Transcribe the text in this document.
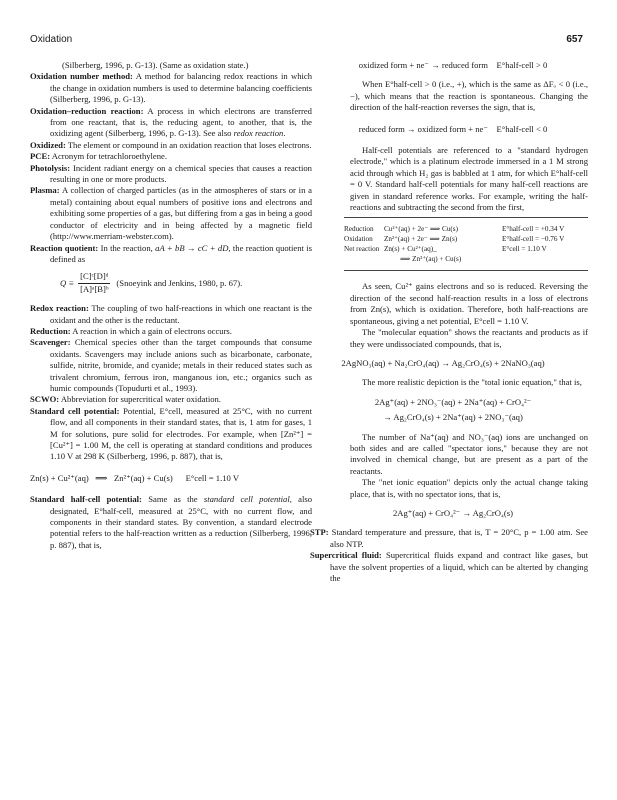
Oxidation	657

(Silberberg, 1996, p. G-13). (Same as oxidation state.)

Oxidation number method: A method for balancing redox reactions in which the change in oxidation numbers is used to determine balancing coefficients (Silberberg, 1996, p. G-13).

Oxidation–reduction reaction: A process in which electrons are transferred from one reactant, that is, the reducing agent, to another, that is, the oxidizing agent (Silberberg, 1996, p. G-13). See also redox reaction.

Oxidized: The element or compound in an oxidation reaction that loses electrons.

PCE: Acronym for tetrachloroethylene.

Photolysis: Incident radiant energy on a chemical species that causes a reaction resulting in one or more products.

Plasma: A collection of charged particles (as in the atmospheres of stars or in a metal) containing about equal numbers of positive ions and electrons and exhibiting some properties of a gas, but differing from a gas in being a good conductor of electricity and in being affected by a magnetic field (http://www.merriam-webster.com).

Reaction quotient: In the reaction, aA + bB → cC + dD, the reaction quotient is defined as

$Q \equiv \frac{\text{[C]ᶜ[D]ᵈ}}{\text{[A]ᵃ[B]ᵇ}}$ (Snoeyink and Jenkins, 1980, p. 67).

Redox reaction: The coupling of two half-reactions in which one reactant is the oxidant and the other is the reductant.

Reduction: A reaction in which a gain of electrons occurs.

Scavenger: Chemical species other than the target compounds that consume oxidants. Scavengers may include anions such as bicarbonate, carbonate, sulfide, nitrite, bromide, and cyanide; metals in their reduced states such as trivalent chromium, ferrous iron, manganous ion, etc.; organics such as humic compounds (Topudurti et al., 1993).

SCWO: Abbreviation for supercritical water oxidation.

Standard cell potential: Potential, E°cell, measured at 25°C, with no current flow, and all components in their standard states, that is, 1 atm for gases, 1 M for solutions, pure solid for electrodes. For example, when [Zn²⁺] = [Cu²⁺] = 1.00 M, the cell is operating at standard conditions and produces 1.10 V at 298 K (Silberberg, 1996, p. 887), that is,

Zn(s) + Cu²⁺(aq)   ⟹   Zn²⁺(aq) + Cu(s)      E°cell = 1.10 V

Standard half-cell potential: Same as the standard cell potential, also designated, E°half-cell, measured at 25°C, with no current flow, and components in their standard states. By convention, a standard electrode potential refers to the half-reaction written as a reduction (Silberberg, 1996, p. 887), that is,

oxidized form + ne⁻ → reduced form    E°half-cell > 0

When E°half-cell > 0 (i.e., +), which is the same as ΔFₒ < 0 (i.e., −), which means that the reaction is spontaneous. Changing the direction of the half-reaction reverses the sign, that is,

reduced form → oxidized form + ne⁻    E°half-cell < 0

Half-cell potentials are referenced to a "standard hydrogen electrode," which is a platinum electrode immersed in a 1 M strong acid through which H₂ gas is babbled at 1 atm, for which E°half-cell = 0 V. Standard half-cell potentials for many half-cell reactions are given in standard reference works. For example, writing the half-reactions and subtracting the second from the first,

Reduction	Cu²⁺(aq) + 2e⁻ ⟹ Cu(s)	E°half-cell = +0.34 V
Oxidation	Zn²⁺(aq) + 2e⁻ ⟹ Zn(s)	E°half-cell = −0.76 V
Net reaction Zn(s) + Cu²⁺(aq)_	E°cell = 1.10 V
⟹ Zn²⁺(aq) + Cu(s)

As seen, Cu²⁺ gains electrons and so is reduced. Reversing the direction of the second half-reaction results in a loss of electrons from Zn(s), which is oxidation. Therefore, both half-reactions are spontaneous, giving a net potential, E°cell = 1.10 V.

The "molecular equation" shows the reactants and products as if they were undissociated compounds, that is,

2AgNO₃(aq) + Na₂CrO₄(aq) → Ag₂CrO₄(s) + 2NaNO₃(aq)

The more realistic depiction is the "total ionic equation," that is,

2Ag⁺(aq) + 2NO₃⁻(aq) + 2Na⁺(aq) + CrO₄²⁻

→ Ag₂CrO₄(s) + 2Na⁺(aq) + 2NO₃⁻(aq)

The number of Na⁺(aq) and NO₃⁻(aq) ions are unchanged on both sides and are called "spectator ions," because they are not involved in chemical change, but are present as a part of the reactants.

The "net ionic equation" depicts only the actual change taking place, that is, with no spectator ions, that is,

2Ag⁺(aq) + CrO₄²⁻ → Ag₂CrO₄(s)

STP: Standard temperature and pressure, that is, T = 20°C, p = 1.00 atm. See also NTP.

Supercritical fluid: Supercritical fluids expand and contract like gases, but have the solvent properties of a liquid, which can be alterted by changing the
